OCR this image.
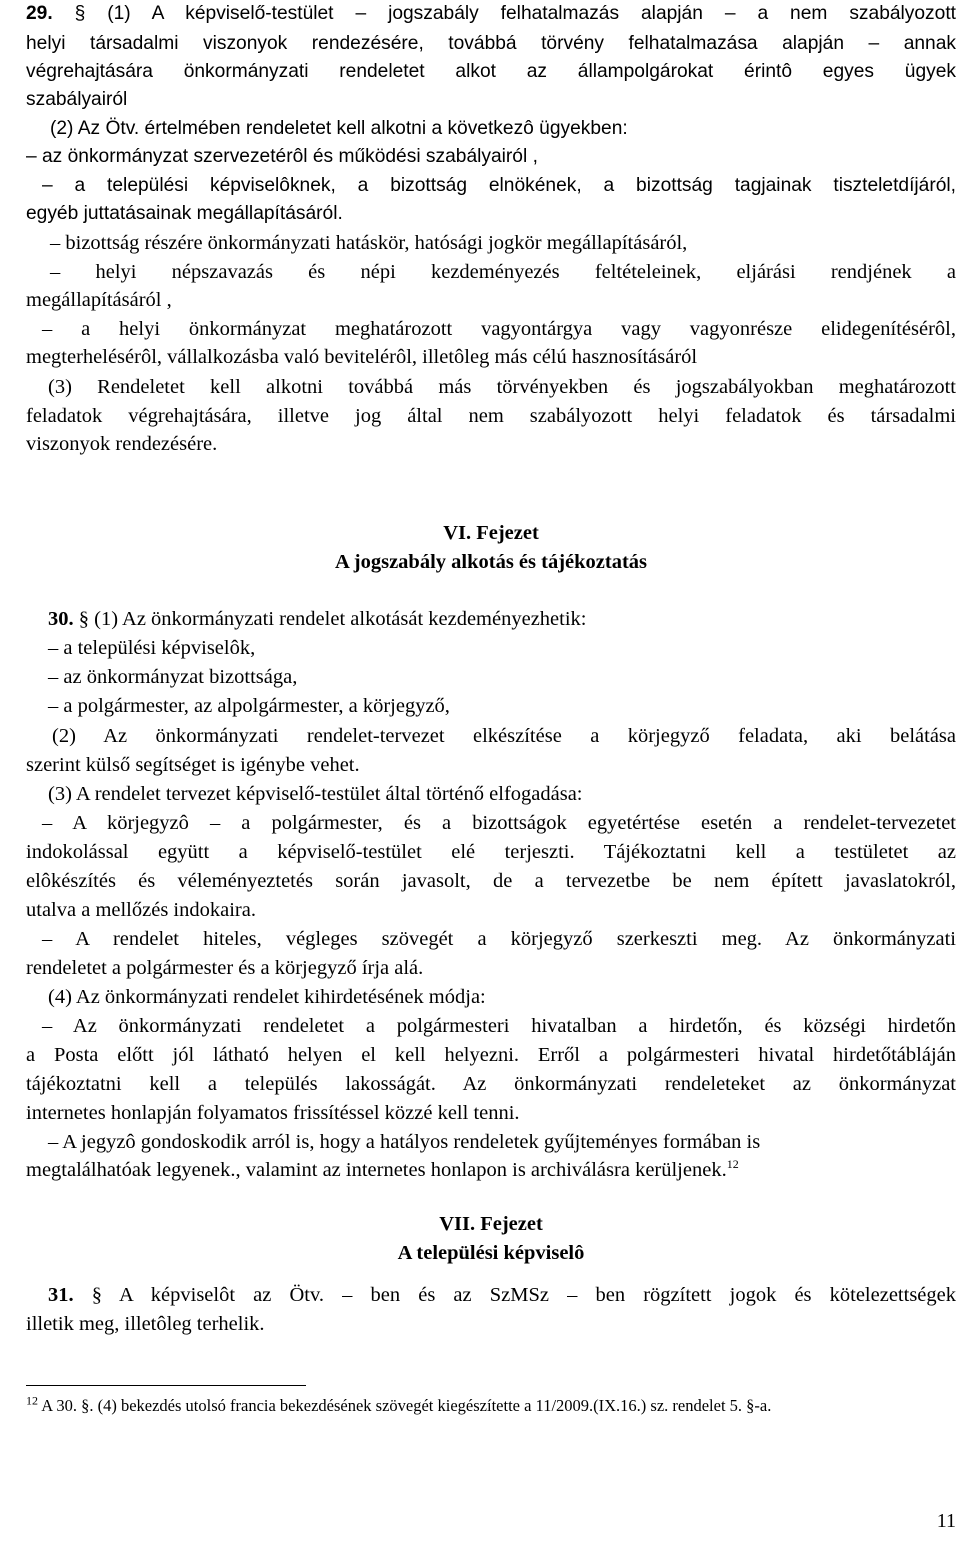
29. § (1) A képviselő-testület – jogszabály felhatalmazás alapján – a nem szabályozott
helyi társadalmi viszonyok rendezésére, továbbá törvény felhatalmazása alapján – annak
végrehajtására önkormányzati rendeletet alkot az állampolgárokat érintô egyes ügyek
szabályairól
(2) Az Ötv. értelmében rendeletet kell alkotni a következô ügyekben:
– az önkormányzat szervezetérôl és működési szabályairól ,
– a települési képviselôknek, a bizottság elnökének, a bizottság tagjainak tiszteletdíjáról,
egyéb juttatásainak megállapításáról.
– bizottság részére önkormányzati hatáskör, hatósági jogkör megállapításáról,
– helyi népszavazás és népi kezdeményezés feltételeinek, eljárási rendjének a
megállapításáról ,
– a helyi önkormányzat meghatározott vagyontárgya vagy vagyonrésze elidegenítésérôl,
megterhelésérôl, vállalkozásba való bevitelérôl, illetôleg más célú hasznosításáról
(3) Rendeletet kell alkotni továbbá más törvényekben és jogszabályokban meghatározott
feladatok végrehajtására, illetve jog által nem szabályozott helyi feladatok és társadalmi
viszonyok rendezésére.
VI. Fejezet
A jogszabály alkotás és tájékoztatás
30. § (1) Az önkormányzati rendelet alkotását kezdeményezhetik:
– a települési képviselôk,
– az önkormányzat bizottsága,
– a polgármester, az alpolgármester, a körjegyző,
(2) Az önkormányzati rendelet-tervezet elkészítése a körjegyző feladata, aki belátása
szerint külső segítséget is igénybe vehet.
(3) A rendelet tervezet képviselő-testület által történő elfogadása:
– A körjegyzô – a polgármester, és a bizottságok egyetértése esetén a rendelet-tervezetet
indokolással együtt a képviselő-testület elé terjeszti. Tájékoztatni kell a testületet az
elôkészítés és véleményeztetés során javasolt, de a tervezetbe be nem épített javaslatokról,
utalva a mellőzés indokaira.
– A rendelet hiteles, végleges szövegét a körjegyző szerkeszti meg. Az önkormányzati
rendeletet a polgármester és a körjegyző írja alá.
(4) Az önkormányzati rendelet kihirdetésének módja:
– Az önkormányzati rendeletet a polgármesteri hivatalban a hirdetőn, és községi hirdetőn
a Posta előtt jól látható helyen el kell helyezni. Erről a polgármesteri hivatal hirdetőtábláján
tájékoztatni kell a település lakosságát. Az önkormányzati rendeleteket az önkormányzat
internetes honlapján folyamatos frissítéssel közzé kell tenni.
– A jegyzô gondoskodik arról is, hogy a hatályos rendeletek gyűjteményes formában is
megtalálhatóak legyenek., valamint az internetes honlapon is archiválásra kerüljenek.$^{12}$
VII. Fejezet
A települési képviselô
31. § A képviselôt az Ötv. – ben és az SzMSz – ben rögzített jogok és kötelezettségek
illetik meg, illetôleg terhelik.
$^{12}$ A 30. §. (4) bekezdés utolsó francia bekezdésének szövegét kiegészítette a 11/2009.(IX.16.) sz. rendelet 5. §-a.
11
